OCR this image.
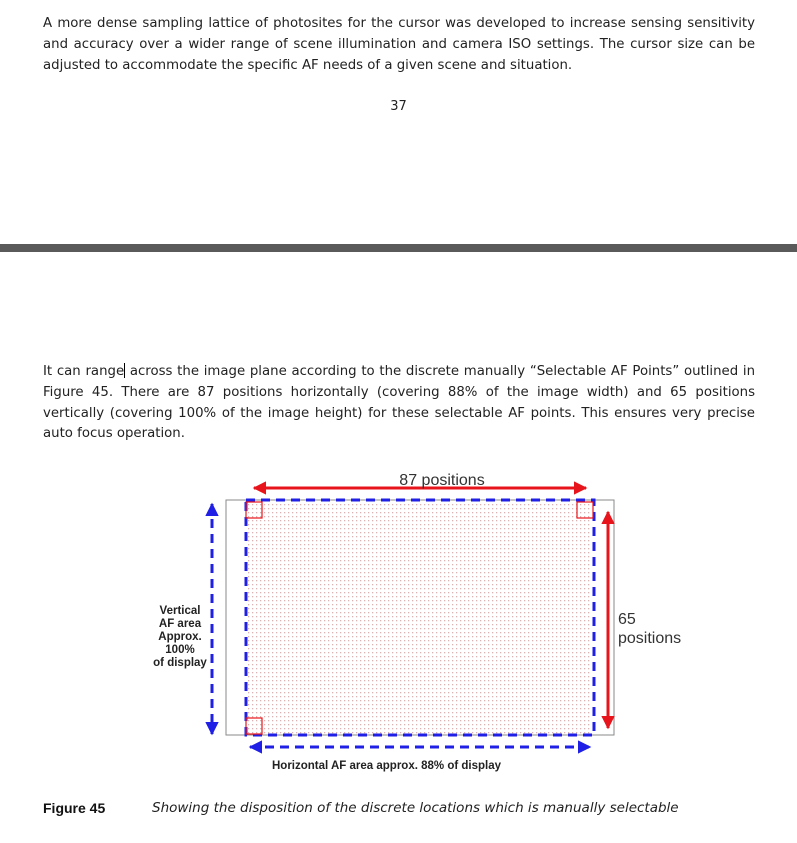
A more dense sampling lattice of photosites for the cursor was developed to increase sensing sensitivity and accuracy over a wider range of scene illumination and camera ISO settings. The cursor size can be adjusted to accommodate the specific AF needs of a given scene and situation.

37

It can range across the image plane according to the discrete manually “Selectable AF Points” outlined in Figure 45. There are 87 positions horizontally (covering 88% of the image width) and 65 positions vertically (covering 100% of the image height) for these selectable AF points. This ensures very precise auto focus operation.

87 positions
65
positions
Vertical
AF area
Approx.
100%
of display
Horizontal AF area approx. 88% of display
Figure 45	Showing the disposition of the discrete locations which is manually selectable
